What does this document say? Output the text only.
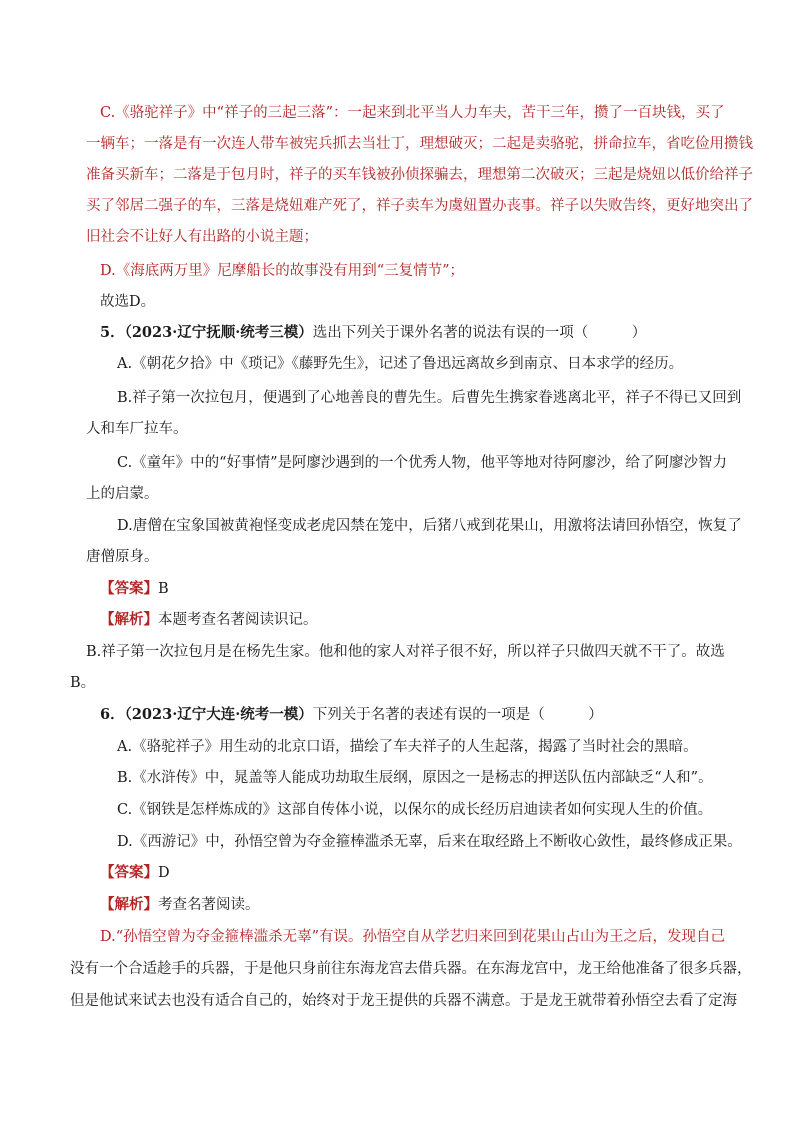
C.《骆驼祥子》中“祥子的三起三落”：一起来到北平当人力车夫，苦干三年，攒了一百块钱，买了
一辆车；一落是有一次连人带车被宪兵抓去当壮丁，理想破灭；二起是卖骆驼，拼命拉车，省吃俭用攒钱
准备买新车；二落是于包月时，祥子的买车钱被孙侦探骗去，理想第二次破灭；三起是烧妞以低价给祥子
买了邻居二强子的车，三落是烧妞难产死了，祥子卖车为虞妞置办丧事。祥子以失败告终，更好地突出了
旧社会不让好人有出路的小说主题；
D.《海底两万里》尼摩船长的故事没有用到“三复情节”；
故选D。
5．（2023·辽宁抚顺·统考三模）选出下列关于课外名著的说法有误的一项（　　　）
A.《朝花夕拾》中《琐记》《藤野先生》，记述了鲁迅远离故乡到南京、日本求学的经历。
B.祥子第一次拉包月，便遇到了心地善良的曹先生。后曹先生携家眷逃离北平，祥子不得已又回到
人和车厂拉车。
C.《童年》中的“好事情”是阿廖沙遇到的一个优秀人物，他平等地对待阿廖沙，给了阿廖沙智力
上的启蒙。
D.唐僧在宝象国被黄袍怪变成老虎囚禁在笼中，后猪八戒到花果山，用激将法请回孙悟空，恢复了
唐僧原身。
【答案】B
【解析】本题考查名著阅读识记。
B.祥子第一次拉包月是在杨先生家。他和他的家人对祥子很不好，所以祥子只做四天就不干了。故选
B。
6．（2023·辽宁大连·统考一模）下列关于名著的表述有误的一项是（　　　）
A.《骆驼祥子》用生动的北京口语，描绘了车夫祥子的人生起落，揭露了当时社会的黑暗。
B.《水浒传》中，晁盖等人能成功劫取生辰纲，原因之一是杨志的押送队伍内部缺乏“人和”。
C.《钢铁是怎样炼成的》这部自传体小说，以保尔的成长经历启迪读者如何实现人生的价值。
D.《西游记》中，孙悟空曾为夺金箍棒滥杀无辜，后来在取经路上不断收心敛性，最终修成正果。
【答案】D
【解析】考查名著阅读。
D.“孙悟空曾为夺金箍棒滥杀无辜”有误。孙悟空自从学艺归来回到花果山占山为王之后，发现自己
没有一个合适趁手的兵器，于是他只身前往东海龙宫去借兵器。在东海龙宫中，龙王给他准备了很多兵器，
但是他试来试去也没有适合自己的，始终对于龙王提供的兵器不满意。于是龙王就带着孙悟空去看了定海
